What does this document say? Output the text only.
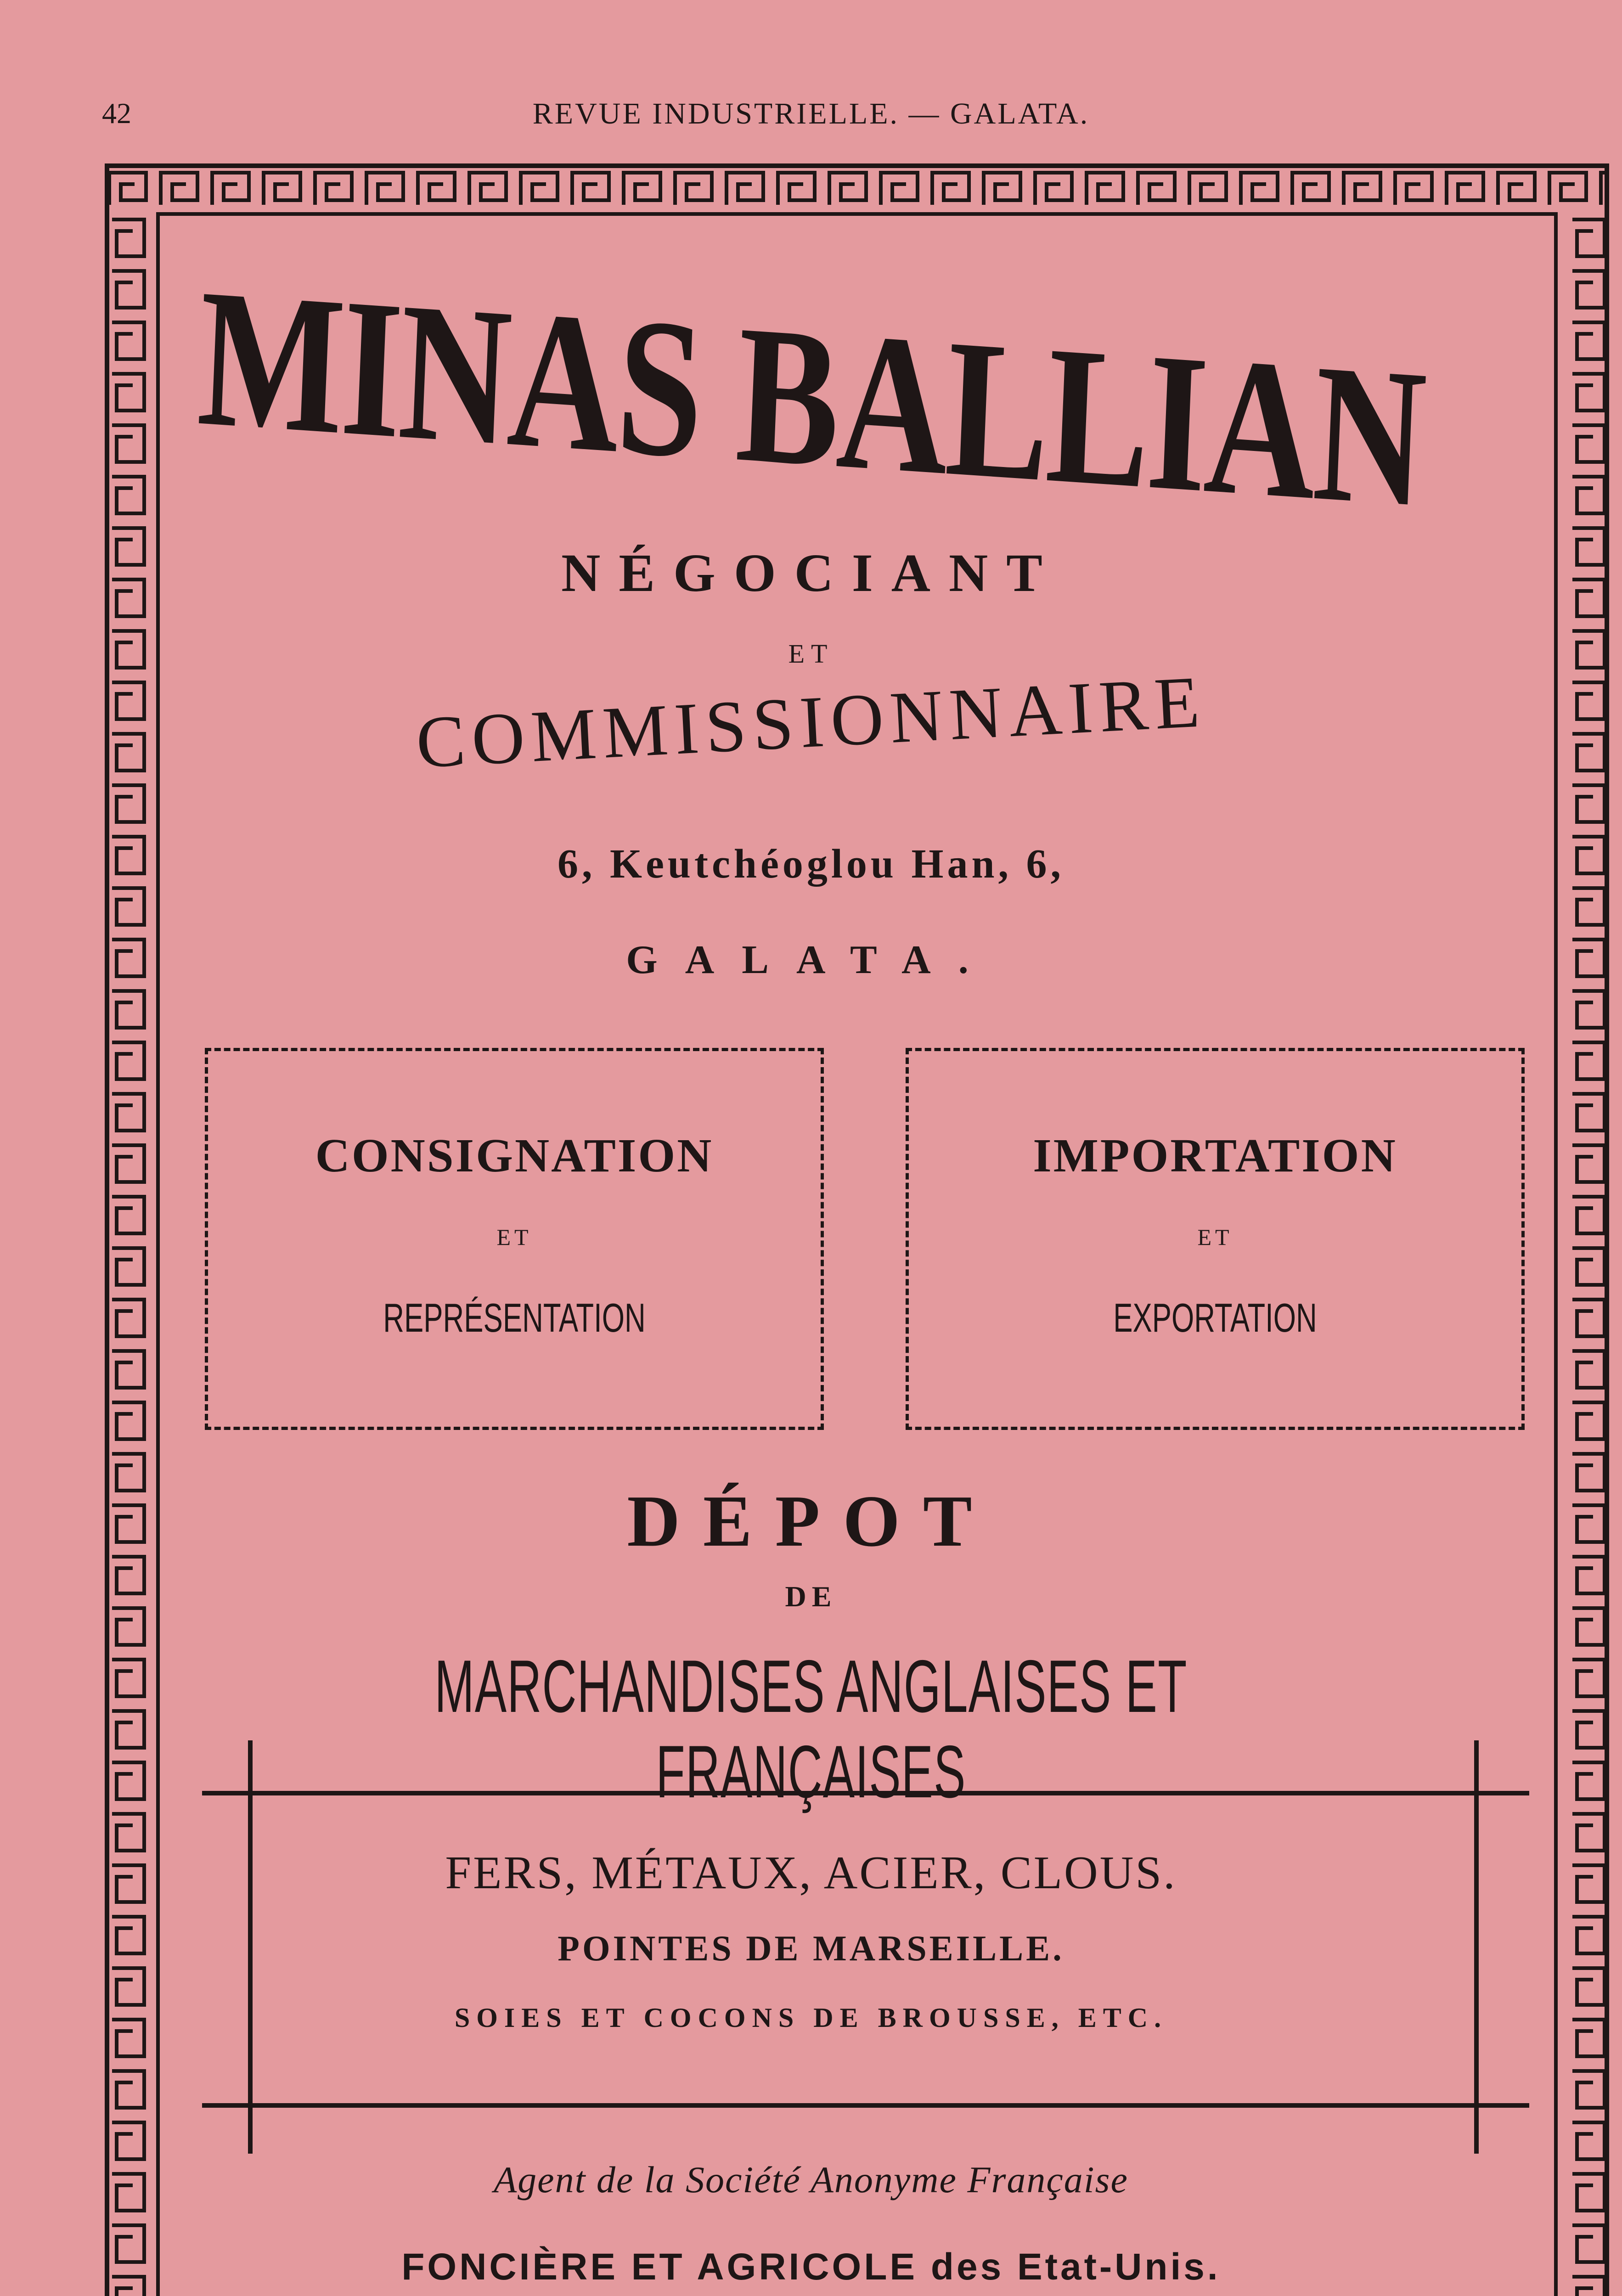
42	REVUE INDUSTRIELLE. — GALATA.
MINAS BALLIAN
NÉGOCIANT
ET
COMMISSIONNAIRE
6, Keutchéoglou Han, 6,
GALATA.
CONSIGNATION
ET
REPRÉSENTATION
IMPORTATION
ET
EXPORTATION
DÉPOT
DE
MARCHANDISES ANGLAISES ET FRANÇAISES
FERS, MÉTAUX, ACIER, CLOUS.
POINTES DE MARSEILLE.
SOIES ET COCONS DE BROUSSE, ETC.
Agent de la Société Anonyme Française
FONCIÈRE ET AGRICOLE des Etat-Unis.
